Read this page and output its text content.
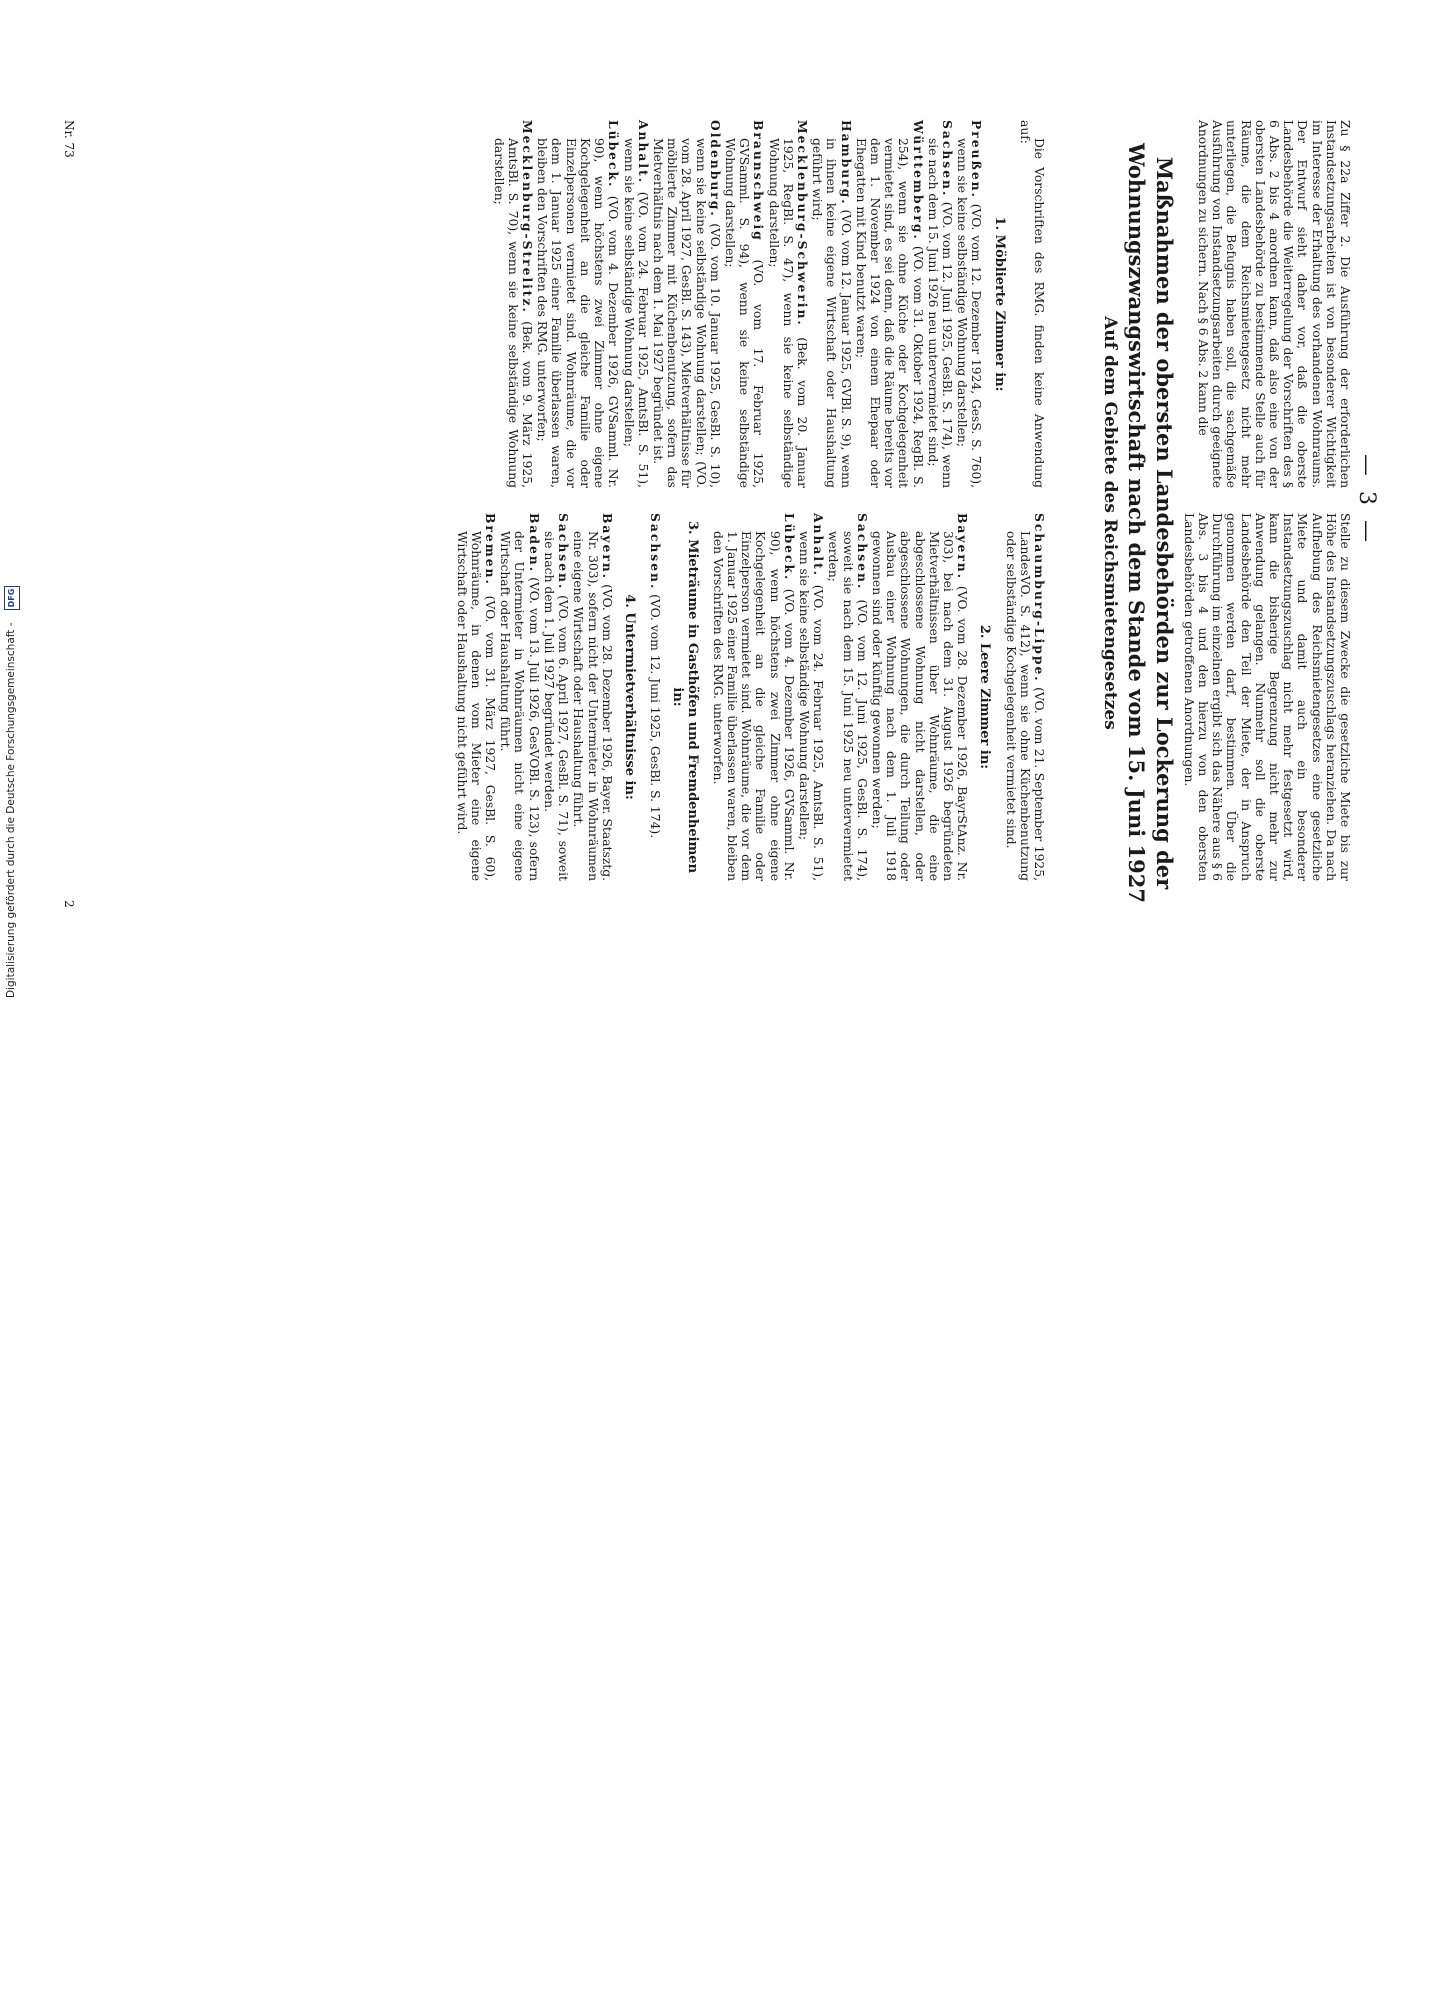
— 3 —
Zu § 22a Ziffer 2. Die Ausführung der erforderlichen Instandsetzungsarbeiten ist von besonderer Wichtigkeit im Interesse der Erhaltung des vorhandenen Wohnraums. Der Entwurf sieht daher vor, daß die oberste Landesbehörde die Weiterregelung der Vorschriften des § 6 Abs. 2 bis 4 anordnen kann, daß also eine von der obersten Landesbehörde zu bestimmende Stelle auch für Räume, die dem Reichsmietengesetz nicht mehr unterliegen, die Befugnis haben soll, die sachgemäße Ausführung von Instandsetzungsarbeiten durch geeignete Anordnungen zu sichern. Nach § 6 Abs. 2 kann die
Stelle zu diesem Zwecke die gesetzliche Miete bis zur Höhe des Instandsetzungszuschlags heranziehen. Da nach Aufhebung des Reichsmietengesetzes eine gesetzliche Miete und damit auch ein besonderer Instandsetzungszuschlag nicht mehr festgesetzt wird, kann die bisherige Begrenzung nicht mehr zur Anwendung gelangen. Nunmehr soll die oberste Landesbehörde den Teil der Miete, der in Anspruch genommen werden darf, bestimmen. Über die Durchführung im einzelnen ergibt sich das Nähere aus § 6 Abs. 3 bis 4 und den hierzu von den obersten Landesbehörden getroffenen Anordnungen.
Maßnahmen der obersten Landesbehörden zur Lockerung der Wohnungszwangswirtschaft nach dem Stande vom 15. Juni 1927
Auf dem Gebiete des Reichsmietengesetzes

Die Vorschriften des RMG. finden keine Anwendung auf:

1. Möblierte Zimmer in:

Preußen. (VO. vom 12. Dezember 1924, GesS. S. 760), wenn sie keine selbständige Wohnung darstellen;

Sachsen. (VO. vom 12. Juni 1925, GesBl. S. 174), wenn sie nach dem 15. Juni 1926 neu untervermietet sind;

Württemberg. (VO. vom 31. Oktober 1924, RegBl. S. 254), wenn sie ohne Küche oder Kochgelegenheit vermietet sind, es sei denn, daß die Räume bereits vor dem 1. November 1924 von einem Ehepaar oder Ehegatten mit Kind benutzt waren;

Hamburg. (VO. vom 12. Januar 1925, GVBl. S. 9), wenn in ihnen keine eigene Wirtschaft oder Haushaltung geführt wird;

Mecklenburg-Schwerin. (Bek. vom 20. Januar 1925, RegBl. S. 47), wenn sie keine selbständige Wohnung darstellen;

Braunschweig (VO. vom 17. Februar 1925, GVSamml. S. 94), wenn sie keine selbständige Wohnung darstellen;

Oldenburg. (VO. vom 10. Januar 1925, GesBl. S. 10), wenn sie keine selbständige Wohnung darstellen; (VO. vom 28. April 1927, GesBl. S. 143), Mietverhältnisse für möblierte Zimmer mit Küchenbenutzung, sofern das Mietverhältnis nach dem 1. Mai 1927 begründet ist.

Anhalt. (VO. vom 24. Februar 1925, AmtsBl. S. 51), wenn sie keine selbständige Wohnung darstellen;

Lübeck. (VO. vom 4. Dezember 1926, GVSamml. Nr. 90), wenn höchstens zwei Zimmer ohne eigene Kochgelegenheit an die gleiche Familie oder Einzelpersonen vermietet sind. Wohnräume, die vor dem 1. Januar 1925 einer Familie überlassen waren, bleiben den Vorschriften des RMG. unterworfen;

Mecklenburg-Strelitz. (Bek. vom 9. März 1925, AmtsBl. S. 70), wenn sie keine selbständige Wohnung darstellen;

Schaumburg-Lippe. (VO. vom 21. September 1925, LandesVO. S. 412), wenn sie ohne Küchenbenutzung oder selbständige Kochgelegenheit vermietet sind.

2. Leere Zimmer in:

Bayern. (VO. vom 28. Dezember 1926, BayrStAnz. Nr. 303), bei nach dem 31. August 1926 begründeten Mietverhältnissen über Wohnräume, die eine abgeschlossene Wohnung nicht darstellen, oder abgeschlossene Wohnungen, die durch Teilung oder Ausbau einer Wohnung nach dem 1. Juli 1918 gewonnen sind oder künftig gewonnen werden;

Sachsen. (VO. vom 12. Juni 1925, GesBl. S. 174), soweit sie nach dem 15. Juni 1925 neu untervermietet werden;

Anhalt. (VO. vom 24. Februar 1925, AmtsBl. S. 51), wenn sie keine selbständige Wohnung darstellen;

Lübeck. (VO. vom 4. Dezember 1926, GVSamml. Nr. 90), wenn höchstens zwei Zimmer ohne eigene Kochgelegenheit an die gleiche Familie oder Einzelperson vermietet sind. Wohnräume, die vor dem 1. Januar 1925 einer Familie überlassen waren, bleiben den Vorschriften des RMG. unterworfen.

3. Mieträume in Gasthöfen und Fremdenheimen in:

Sachsen. (VO. vom 12. Juni 1925, GesBl. S. 174).

4. Untermietverhältnisse in:

Bayern. (VO. vom 28. Dezember 1926, Bayer. Staatsztg. Nr. 303), sofern nicht der Untermieter in Wohnräumen eine eigene Wirtschaft oder Haushaltung führt.

Sachsen. (VO. vom 6. April 1927, GesBl. S. 71), soweit sie nach dem 1. Juli 1927 begründet werden.

Baden. (VO. vom 13. Juli 1926, GesVOBl. S. 123), sofern der Untermieter in Wohnräumen nicht eine eigene Wirtschaft oder Haushaltung führt.

Bremen. (VO. vom 31. März 1927, GesBl. S. 60), Wohnräume, in denen vom Mieter eine eigene Wirtschaft oder Haushaltung nicht geführt wird.

Nr. 73
2
Digitalisierung gefördert durch die Deutsche Forschungsgemeinschaft -
DFG
